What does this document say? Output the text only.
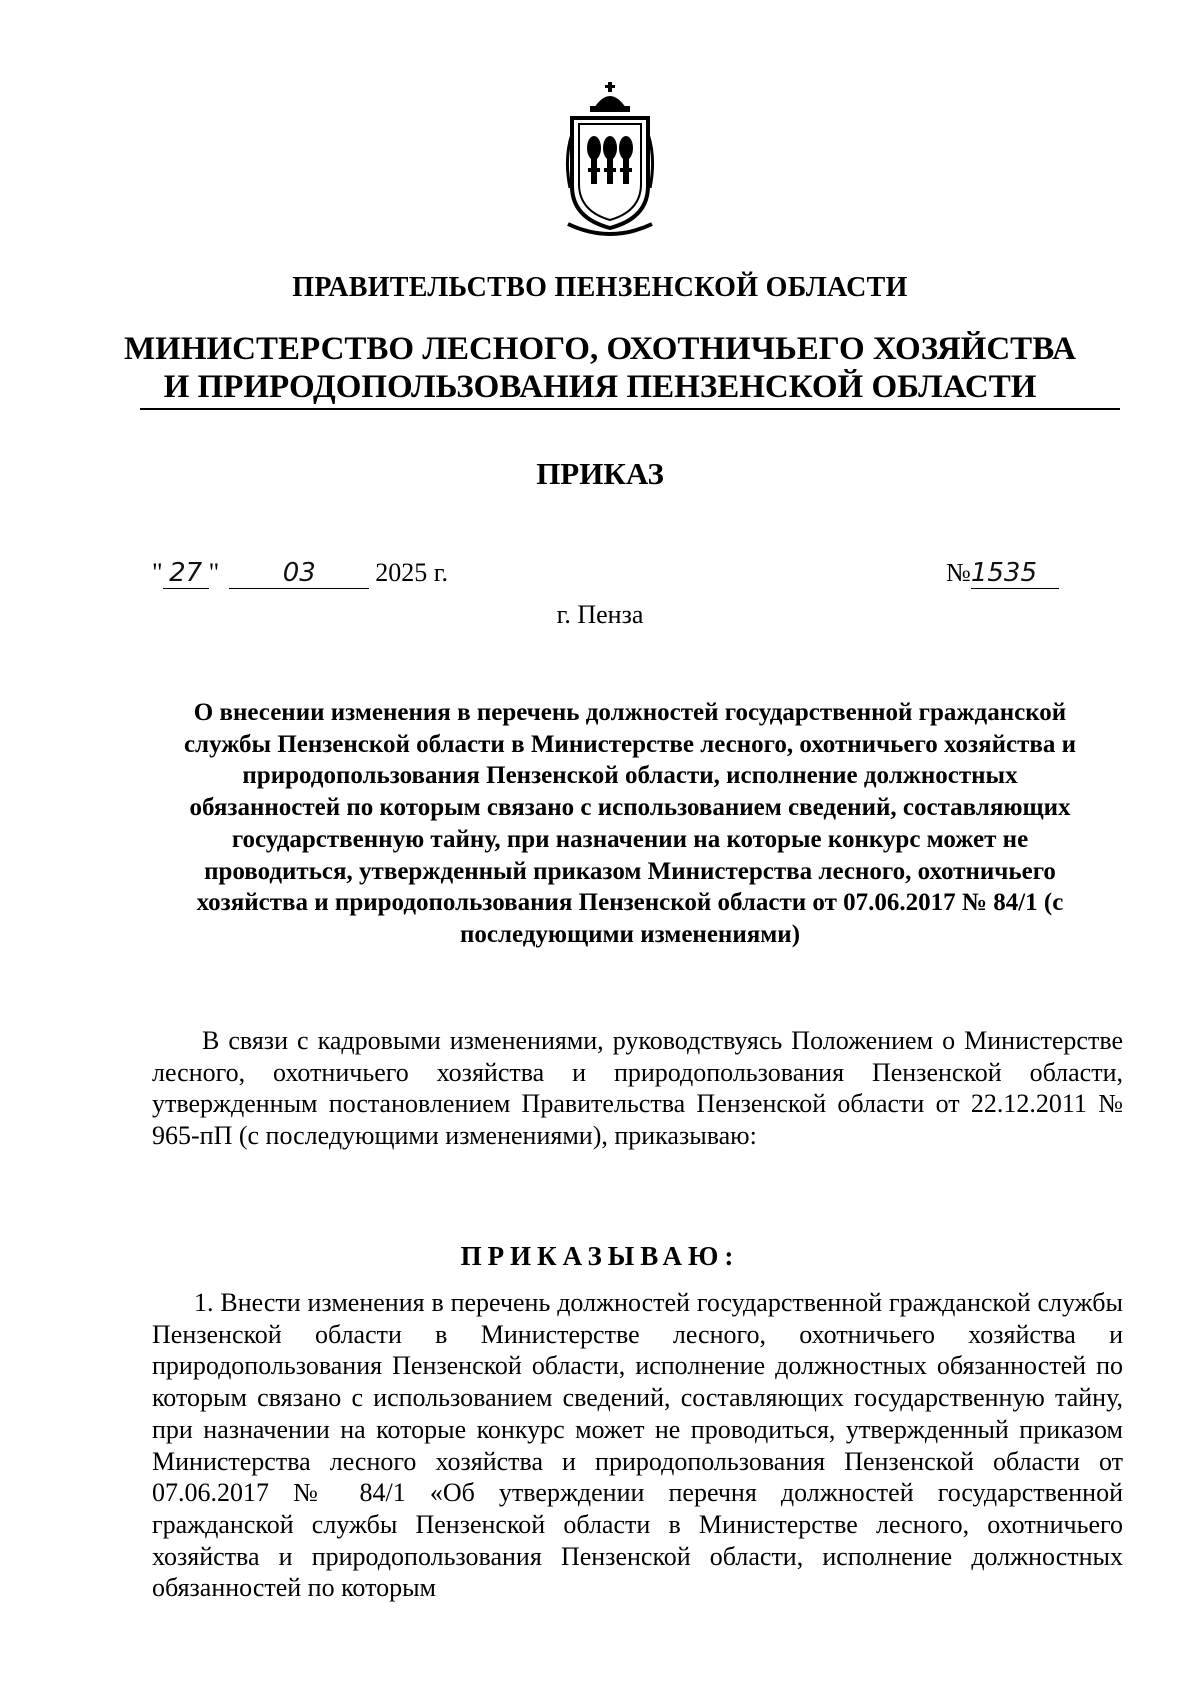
ПРАВИТЕЛЬСТВО ПЕНЗЕНСКОЙ ОБЛАСТИ
МИНИСТЕРСТВО ЛЕСНОГО, ОХОТНИЧЬЕГО ХОЗЯЙСТВА
И ПРИРОДОПОЛЬЗОВАНИЯ ПЕНЗЕНСКОЙ ОБЛАСТИ
ПРИКАЗ
" 27 " 03 2025 г.	№1535
г. Пенза
О внесении изменения в перечень должностей государственной гражданской службы Пензенской области в Министерстве лесного, охотничьего хозяйства и природопользования Пензенской области, исполнение должностных обязанностей по которым связано с использованием сведений, составляющих государственную тайну, при назначении на которые конкурс может не проводиться, утвержденный приказом Министерства лесного, охотничьего хозяйства и природопользования Пензенской области от 07.06.2017 № 84/1 (с последующими изменениями)
В связи с кадровыми изменениями, руководствуясь Положением о Министерстве лесного, охотничьего хозяйства и природопользования Пензенской области, утвержденным постановлением Правительства Пензенской области от 22.12.2011 № 965-пП (с последующими изменениями), приказываю:
ПРИКАЗЫВАЮ:
1. Внести изменения в перечень должностей государственной гражданской службы Пензенской области в Министерстве лесного, охотничьего хозяйства и природопользования Пензенской области, исполнение должностных обязанностей по которым связано с использованием сведений, составляющих государственную тайну, при назначении на которые конкурс может не проводиться, утвержденный приказом Министерства лесного хозяйства и природопользования Пензенской области от 07.06.2017 № 84/1 «Об утверждении перечня должностей государственной гражданской службы Пензенской области в Министерстве лесного, охотничьего хозяйства и природопользования Пензенской области, исполнение должностных обязанностей по которым
